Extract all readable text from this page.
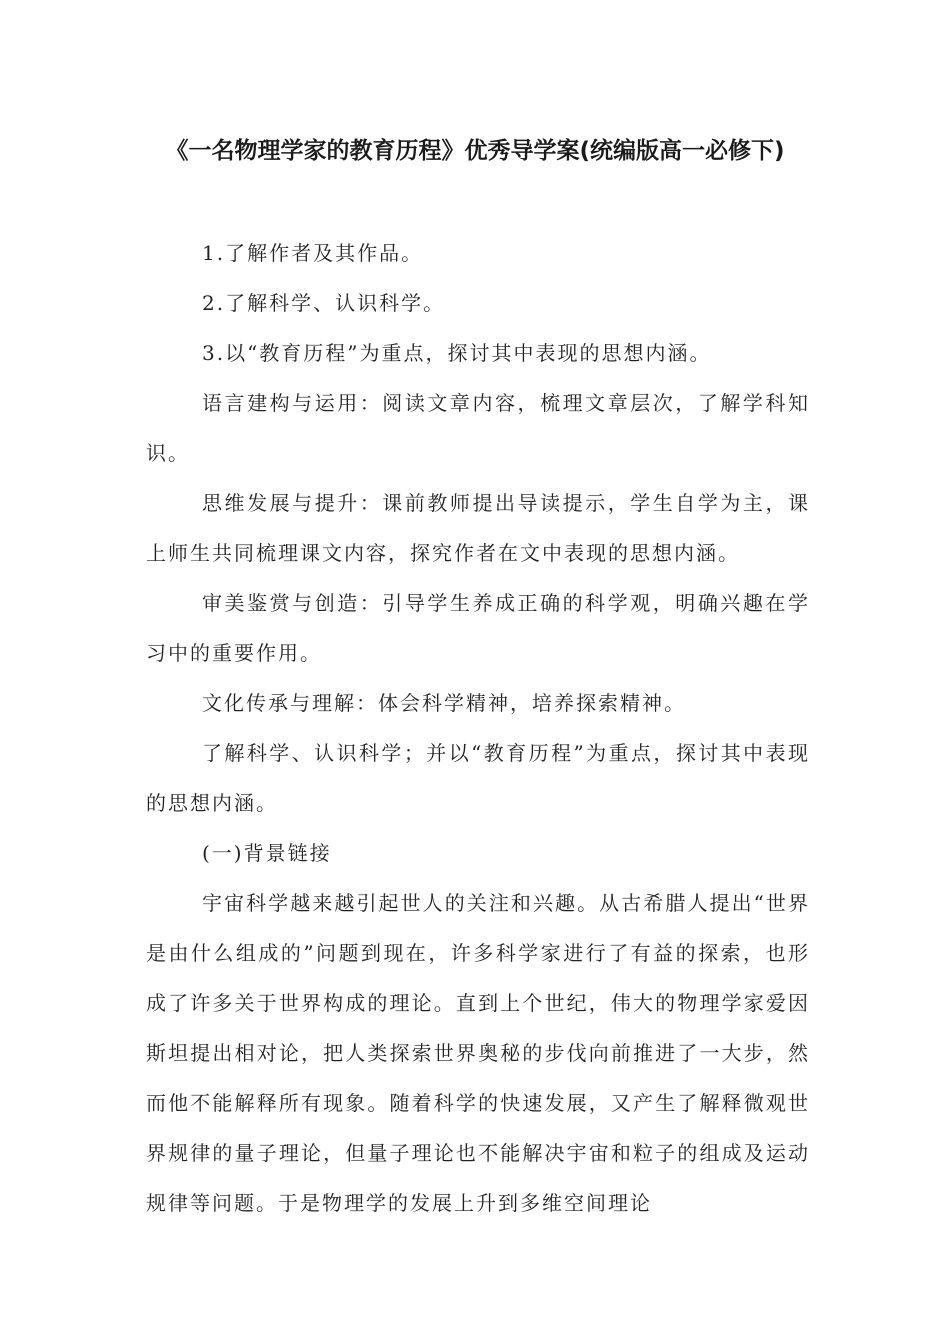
《一名物理学家的教育历程》优秀导学案(统编版高一必修下)

1.了解作者及其作品。

2.了解科学、认识科学。

3.以“教育历程”为重点，探讨其中表现的思想内涵。

语言建构与运用：阅读文章内容，梳理文章层次，了解学科知识。

思维发展与提升：课前教师提出导读提示，学生自学为主，课上师生共同梳理课文内容，探究作者在文中表现的思想内涵。

审美鉴赏与创造：引导学生养成正确的科学观，明确兴趣在学习中的重要作用。

文化传承与理解：体会科学精神，培养探索精神。

了解科学、认识科学；并以“教育历程”为重点，探讨其中表现的思想内涵。

(一)背景链接

宇宙科学越来越引起世人的关注和兴趣。从古希腊人提出“世界是由什么组成的”问题到现在，许多科学家进行了有益的探索，也形成了许多关于世界构成的理论。直到上个世纪，伟大的物理学家爱因斯坦提出相对论，把人类探索世界奥秘的步伐向前推进了一大步，然而他不能解释所有现象。随着科学的快速发展，又产生了解释微观世界规律的量子理论，但量子理论也不能解决宇宙和粒子的组成及运动规律等问题。于是物理学的发展上升到多维空间理论
